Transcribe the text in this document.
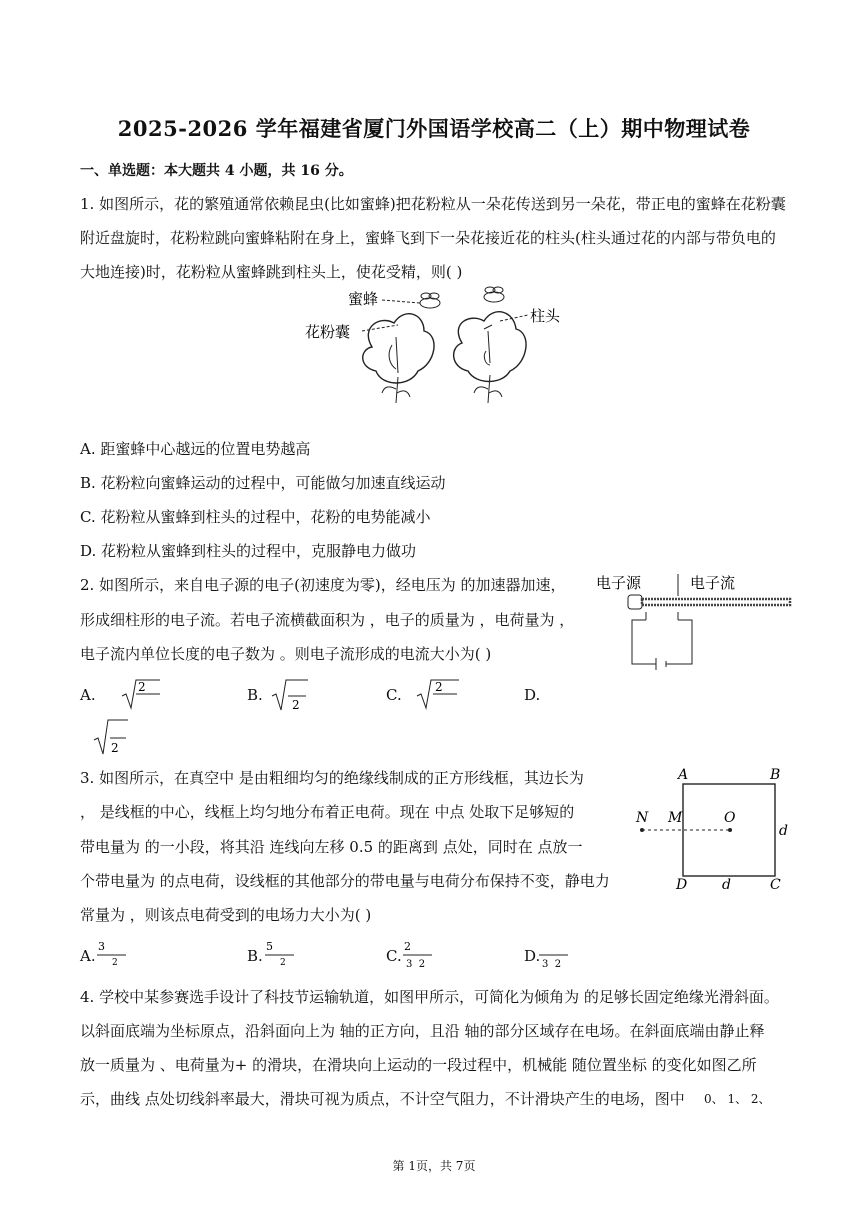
2025-2026 学年福建省厦门外国语学校高二（上）期中物理试卷
一、单选题：本大题共 4 小题，共 16 分。
1. 如图所示，花的繁殖通常依赖昆虫(比如蜜蜂)把花粉粒从一朵花传送到另一朵花，带正电的蜜蜂在花粉囊
附近盘旋时，花粉粒跳向蜜蜂粘附在身上，蜜蜂飞到下一朵花接近花的柱头(柱头通过花的内部与带负电的
大地连接)时，花粉粒从蜜蜂跳到柱头上，使花受精，则( )
蜜蜂
花粉囊
柱头
A. 距蜜蜂中心越远的位置电势越高
B. 花粉粒向蜜蜂运动的过程中，可能做匀加速直线运动
C. 花粉粒从蜜蜂到柱头的过程中，花粉的电势能减小
D. 花粉粒从蜜蜂到柱头的过程中，克服静电力做功
2. 如图所示，来自电子源的电子(初速度为零)，经电压为 的加速器加速，
形成细柱形的电子流。若电子流横截面积为 ，电子的质量为 ，电荷量为 ，
电子流内单位长度的电子数为 。则电子流形成的电流大小为( )
电子源	电子流
A.	2	B.
2
C.	2	D.
2
3. 如图所示，在真空中 是由粗细均匀的绝缘线制成的正方形线框，其边长为
， 是线框的中心，线框上均匀地分布着正电荷。现在 中点 处取下足够短的
带电量为 的一小段，将其沿 连线向左移 0.5 的距离到 点处，同时在 点放一
个带电量为 的点电荷，设线框的其他部分的带电量与电荷分布保持不变，静电力
常量为 ，则该点电荷受到的电场力大小为( )
A	B
C
D
N M	O
d
d
A.
3
2	B.
5
2	C.
2
3  2	D. 3  2
4. 学校中某参赛选手设计了科技节运输轨道，如图甲所示，可简化为倾角为 的足够长固定绝缘光滑斜面。
以斜面底端为坐标原点，沿斜面向上为 轴的正方向，且沿 轴的部分区域存在电场。在斜面底端由静止释
放一质量为 、电荷量为+ 的滑块，在滑块向上运动的一段过程中，机械能 随位置坐标 的变化如图乙所
示，曲线 点处切线斜率最大，滑块可视为质点，不计空气阻力，不计滑块产生的电场，图中 0、 1、 2、
第 1页，共 7页
